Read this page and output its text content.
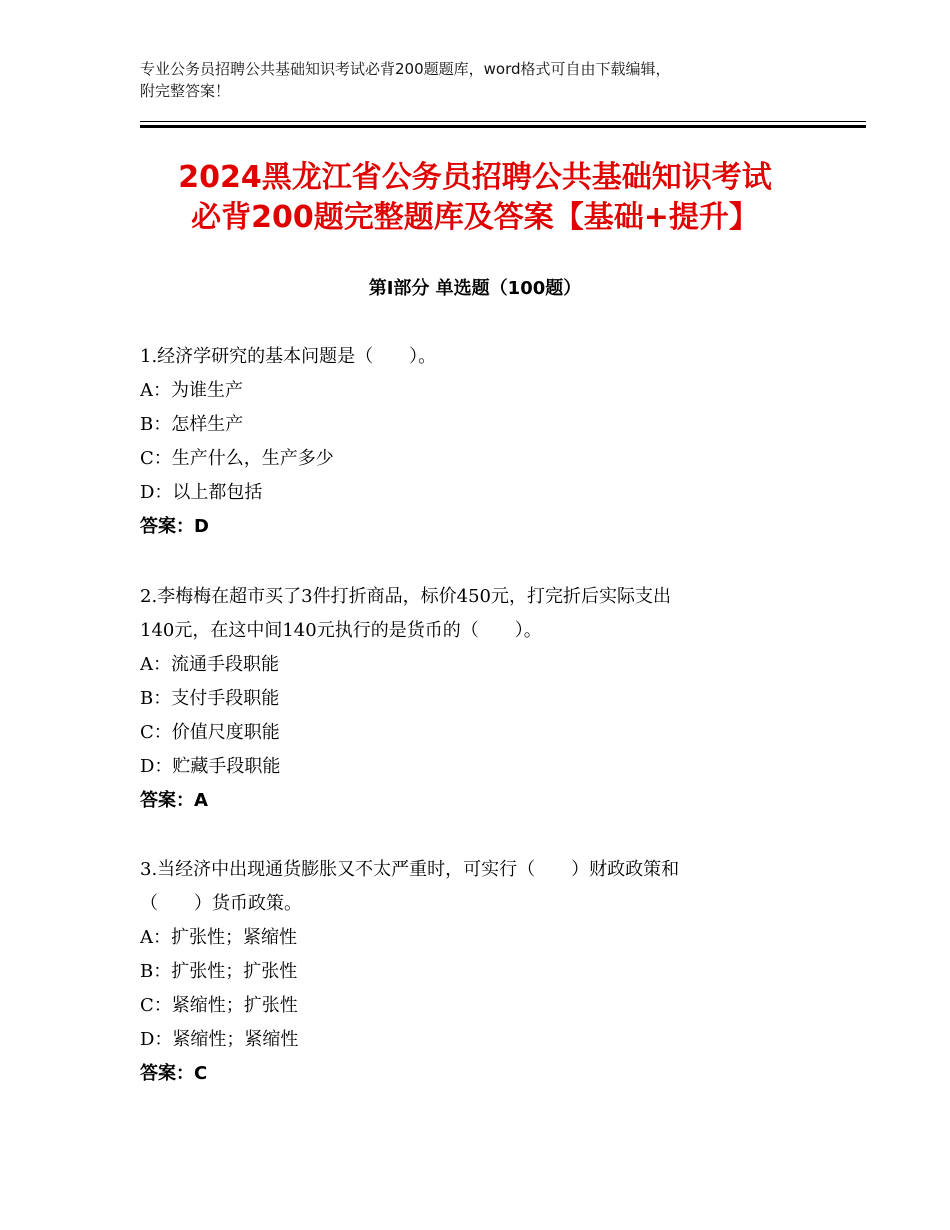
专业公务员招聘公共基础知识考试必背200题题库，word格式可自由下载编辑，
附完整答案！
2024黑龙江省公务员招聘公共基础知识考试
必背200题完整题库及答案【基础+提升】
第Ⅰ部分 单选题（100题）
1.经济学研究的基本问题是（　　）。
A：为谁生产
B：怎样生产
C：生产什么，生产多少
D：以上都包括
答案：D
2.李梅梅在超市买了3件打折商品，标价450元，打完折后实际支出
140元，在这中间140元执行的是货币的（　　）。
A：流通手段职能
B：支付手段职能
C：价值尺度职能
D：贮藏手段职能
答案：A
3.当经济中出现通货膨胀又不太严重时，可实行（　　）财政政策和
（　　）货币政策。
A：扩张性；紧缩性
B：扩张性；扩张性
C：紧缩性；扩张性
D：紧缩性；紧缩性
答案：C
